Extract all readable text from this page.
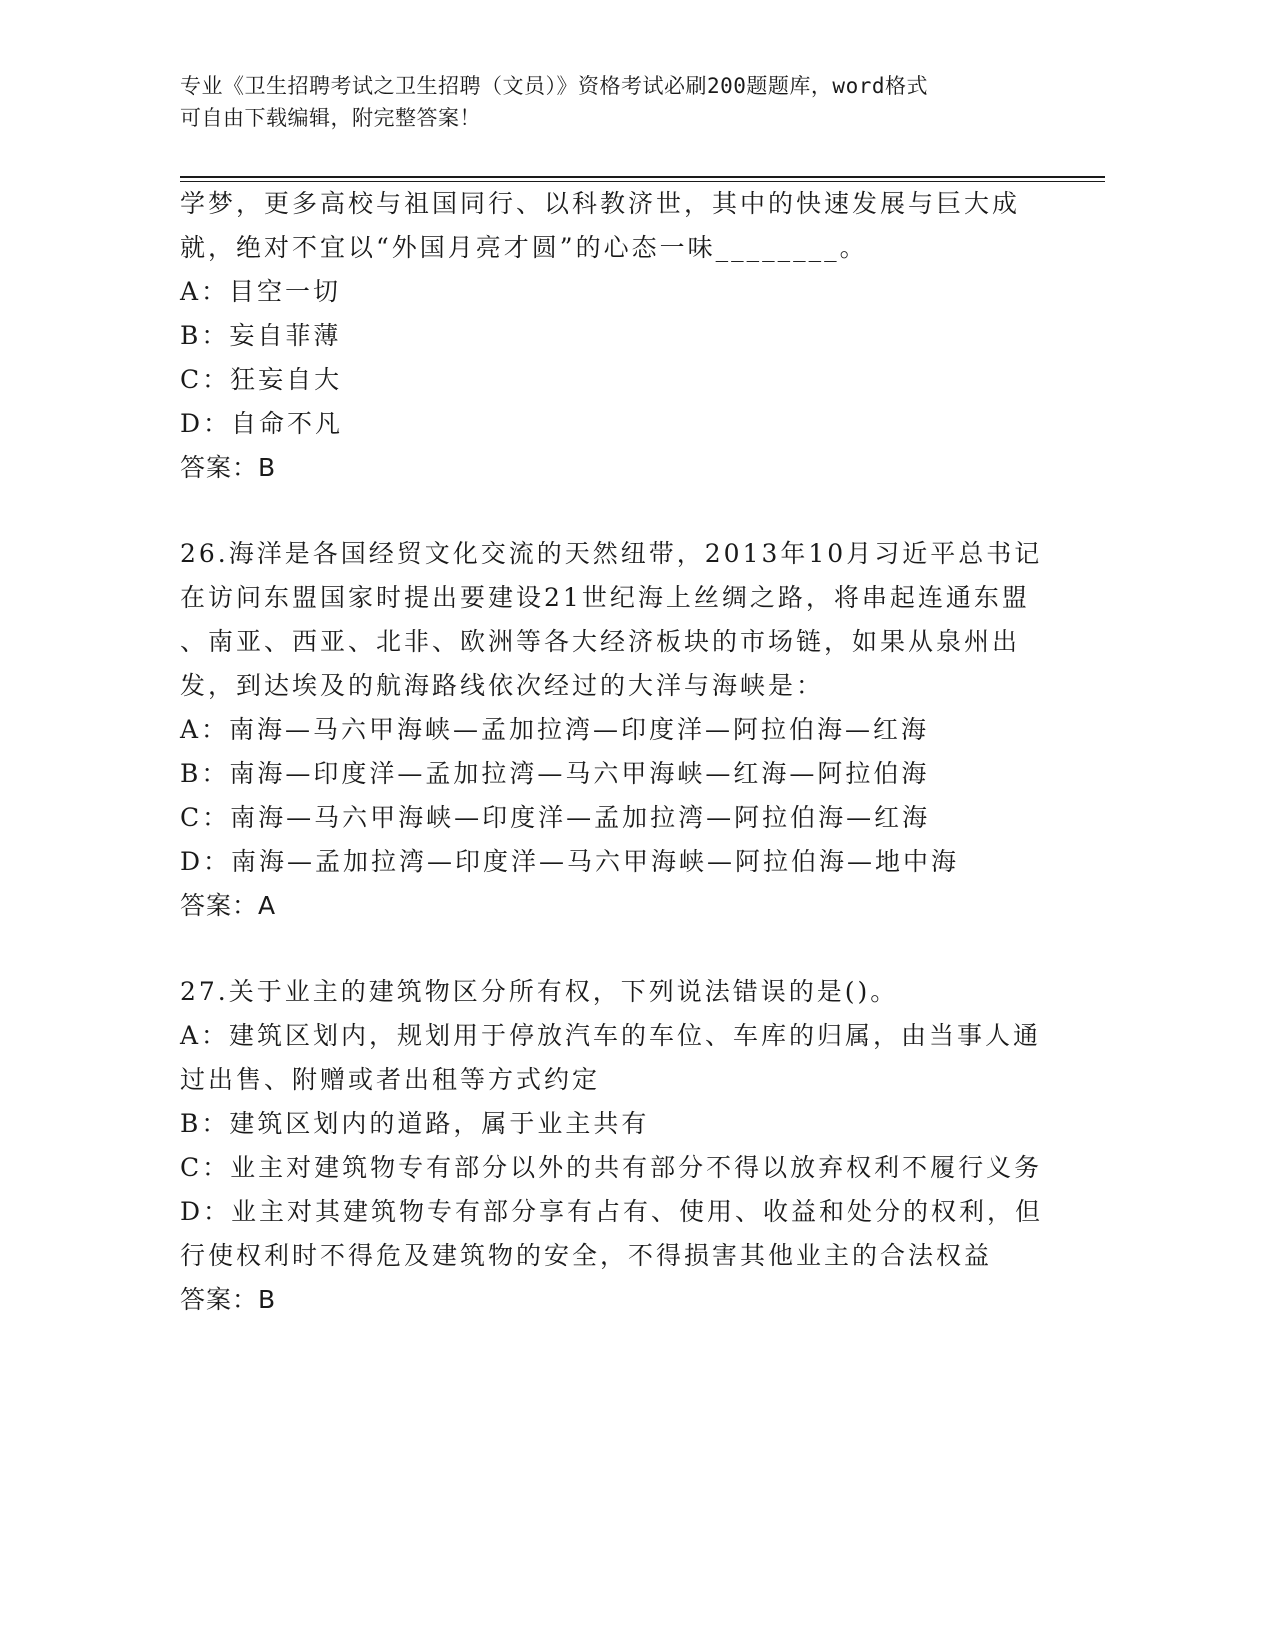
专业《卫生招聘考试之卫生招聘（文员）》资格考试必刷200题题库，word格式
可自由下载编辑，附完整答案！
学梦，更多高校与祖国同行、以科教济世，其中的快速发展与巨大成
就，绝对不宜以“外国月亮才圆”的心态一味________。
A：目空一切
B：妄自菲薄
C：狂妄自大
D：自命不凡
答案：B
26.海洋是各国经贸文化交流的天然纽带，2013年10月习近平总书记
在访问东盟国家时提出要建设21世纪海上丝绸之路，将串起连通东盟
、南亚、西亚、北非、欧洲等各大经济板块的市场链，如果从泉州出
发，到达埃及的航海路线依次经过的大洋与海峡是：
A：南海—马六甲海峡—孟加拉湾—印度洋—阿拉伯海—红海
B：南海—印度洋—孟加拉湾—马六甲海峡—红海—阿拉伯海
C：南海—马六甲海峡—印度洋—孟加拉湾—阿拉伯海—红海
D：南海—孟加拉湾—印度洋—马六甲海峡—阿拉伯海—地中海
答案：A
27.关于业主的建筑物区分所有权，下列说法错误的是()。
A：建筑区划内，规划用于停放汽车的车位、车库的归属，由当事人通
过出售、附赠或者出租等方式约定
B：建筑区划内的道路，属于业主共有
C：业主对建筑物专有部分以外的共有部分不得以放弃权利不履行义务
D：业主对其建筑物专有部分享有占有、使用、收益和处分的权利，但
行使权利时不得危及建筑物的安全，不得损害其他业主的合法权益
答案：B
